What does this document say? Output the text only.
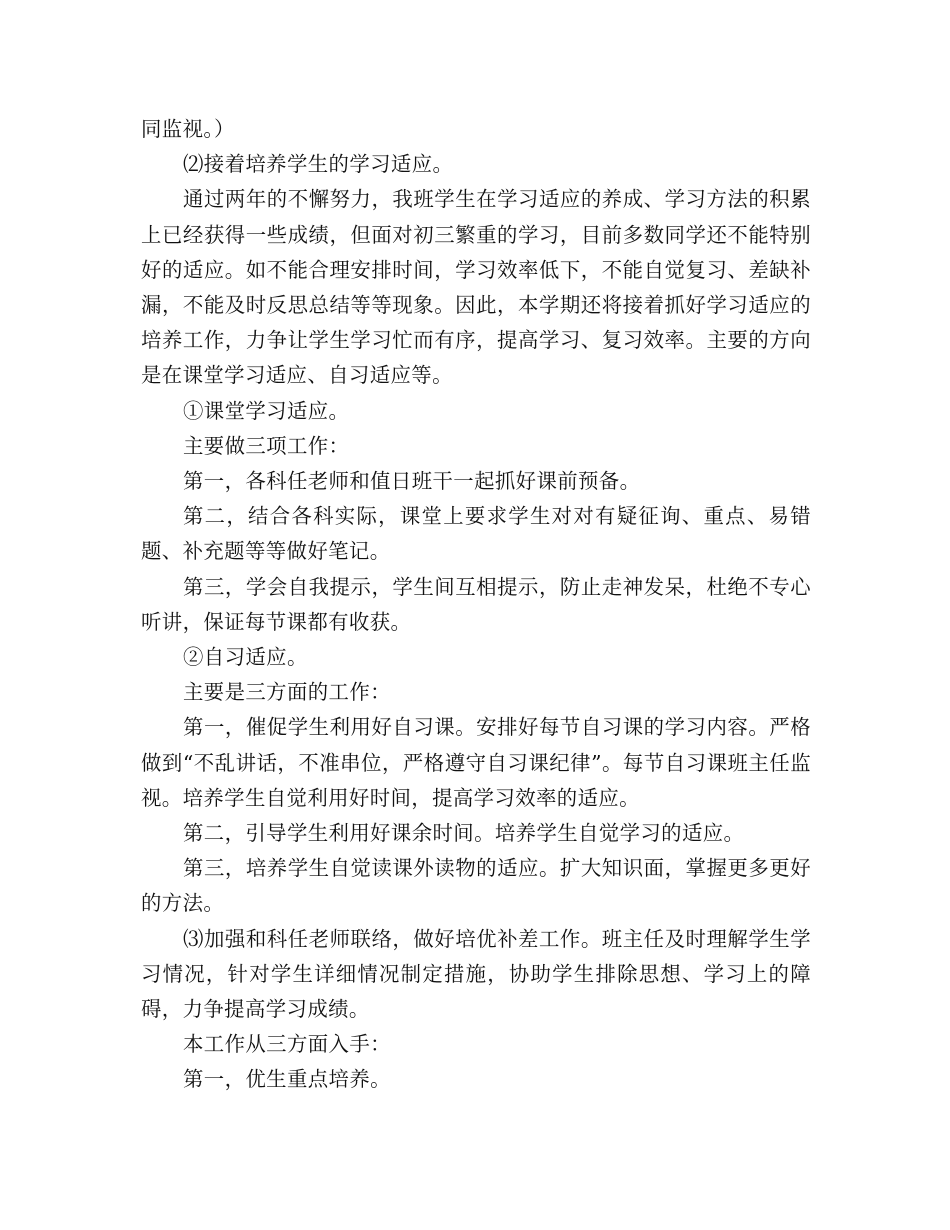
同监视。）

⑵接着培养学生的学习适应。

通过两年的不懈努力，我班学生在学习适应的养成、学习方法的积累上已经获得一些成绩，但面对初三繁重的学习，目前多数同学还不能特别好的适应。如不能合理安排时间，学习效率低下，不能自觉复习、差缺补漏，不能及时反思总结等等现象。因此，本学期还将接着抓好学习适应的培养工作，力争让学生学习忙而有序，提高学习、复习效率。主要的方向是在课堂学习适应、自习适应等。

①课堂学习适应。

主要做三项工作：

第一，各科任老师和值日班干一起抓好课前预备。

第二，结合各科实际，课堂上要求学生对对有疑征询、重点、易错题、补充题等等做好笔记。

第三，学会自我提示，学生间互相提示，防止走神发呆，杜绝不专心听讲，保证每节课都有收获。

②自习适应。

主要是三方面的工作：

第一，催促学生利用好自习课。安排好每节自习课的学习内容。严格做到“不乱讲话，不准串位，严格遵守自习课纪律”。每节自习课班主任监视。培养学生自觉利用好时间，提高学习效率的适应。

第二，引导学生利用好课余时间。培养学生自觉学习的适应。

第三，培养学生自觉读课外读物的适应。扩大知识面，掌握更多更好的方法。

⑶加强和科任老师联络，做好培优补差工作。班主任及时理解学生学习情况，针对学生详细情况制定措施，协助学生排除思想、学习上的障碍，力争提高学习成绩。

本工作从三方面入手：

第一，优生重点培养。
